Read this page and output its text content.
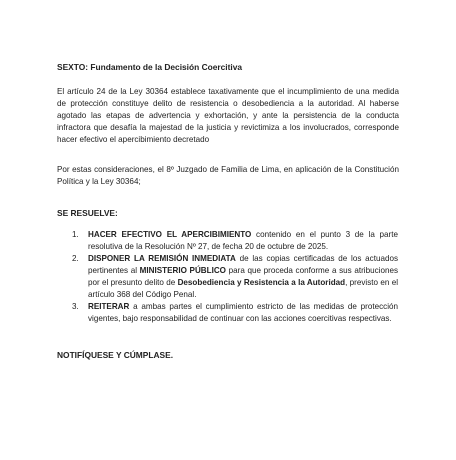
SEXTO: Fundamento de la Decisión Coercitiva
El artículo 24 de la Ley 30364 establece taxativamente que el incumplimiento de una medida de protección constituye delito de resistencia o desobediencia a la autoridad. Al haberse agotado las etapas de advertencia y exhortación, y ante la persistencia de la conducta infractora que desafía la majestad de la justicia y revictimiza a los involucrados, corresponde hacer efectivo el apercibimiento decretado
Por estas consideraciones, el 8º Juzgado de Familia de Lima, en aplicación de la Constitución Política y la Ley 30364;
SE RESUELVE:
1. HACER EFECTIVO EL APERCIBIMIENTO contenido en el punto 3 de la parte resolutiva de la Resolución Nº 27, de fecha 20 de octubre de 2025.
2. DISPONER LA REMISIÓN INMEDIATA de las copias certificadas de los actuados pertinentes al MINISTERIO PÚBLICO para que proceda conforme a sus atribuciones por el presunto delito de Desobediencia y Resistencia a la Autoridad, previsto en el artículo 368 del Código Penal.
3. REITERAR a ambas partes el cumplimiento estricto de las medidas de protección vigentes, bajo responsabilidad de continuar con las acciones coercitivas respectivas.
NOTIFÍQUESE Y CÚMPLASE.
